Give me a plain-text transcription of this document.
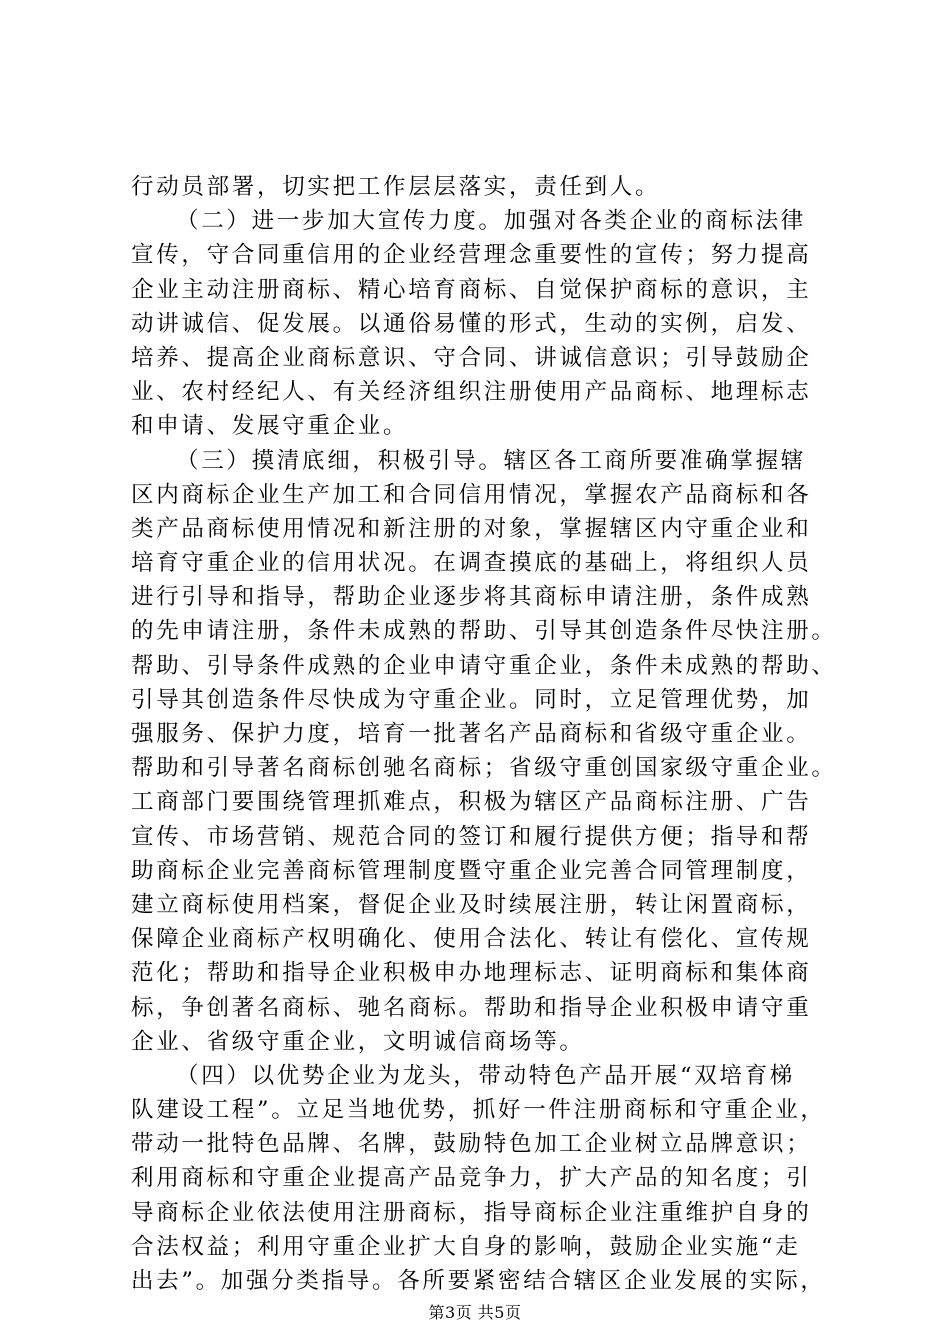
行动员部署，切实把工作层层落实，责任到人。
（二）进一步加大宣传力度。加强对各类企业的商标法律
宣传，守合同重信用的企业经营理念重要性的宣传；努力提高
企业主动注册商标、精心培育商标、自觉保护商标的意识，主
动讲诚信、促发展。以通俗易懂的形式，生动的实例，启发、
培养、提高企业商标意识、守合同、讲诚信意识；引导鼓励企
业、农村经纪人、有关经济组织注册使用产品商标、地理标志
和申请、发展守重企业。
（三）摸清底细，积极引导。辖区各工商所要准确掌握辖
区内商标企业生产加工和合同信用情况，掌握农产品商标和各
类产品商标使用情况和新注册的对象，掌握辖区内守重企业和
培育守重企业的信用状况。在调查摸底的基础上，将组织人员
进行引导和指导，帮助企业逐步将其商标申请注册，条件成熟
的先申请注册，条件未成熟的帮助、引导其创造条件尽快注册。
帮助、引导条件成熟的企业申请守重企业，条件未成熟的帮助、
引导其创造条件尽快成为守重企业。同时，立足管理优势，加
强服务、保护力度，培育一批著名产品商标和省级守重企业。
帮助和引导著名商标创驰名商标；省级守重创国家级守重企业。
工商部门要围绕管理抓难点，积极为辖区产品商标注册、广告
宣传、市场营销、规范合同的签订和履行提供方便；指导和帮
助商标企业完善商标管理制度暨守重企业完善合同管理制度，
建立商标使用档案，督促企业及时续展注册，转让闲置商标，
保障企业商标产权明确化、使用合法化、转让有偿化、宣传规
范化；帮助和指导企业积极申办地理标志、证明商标和集体商
标，争创著名商标、驰名商标。帮助和指导企业积极申请守重
企业、省级守重企业，文明诚信商场等。
（四）以优势企业为龙头，带动特色产品开展“双培育梯
队建设工程”。立足当地优势，抓好一件注册商标和守重企业，
带动一批特色品牌、名牌，鼓励特色加工企业树立品牌意识；
利用商标和守重企业提高产品竞争力，扩大产品的知名度；引
导商标企业依法使用注册商标，指导商标企业注重维护自身的
合法权益；利用守重企业扩大自身的影响，鼓励企业实施“走
出去”。加强分类指导。各所要紧密结合辖区企业发展的实际，
第3页 共5页
